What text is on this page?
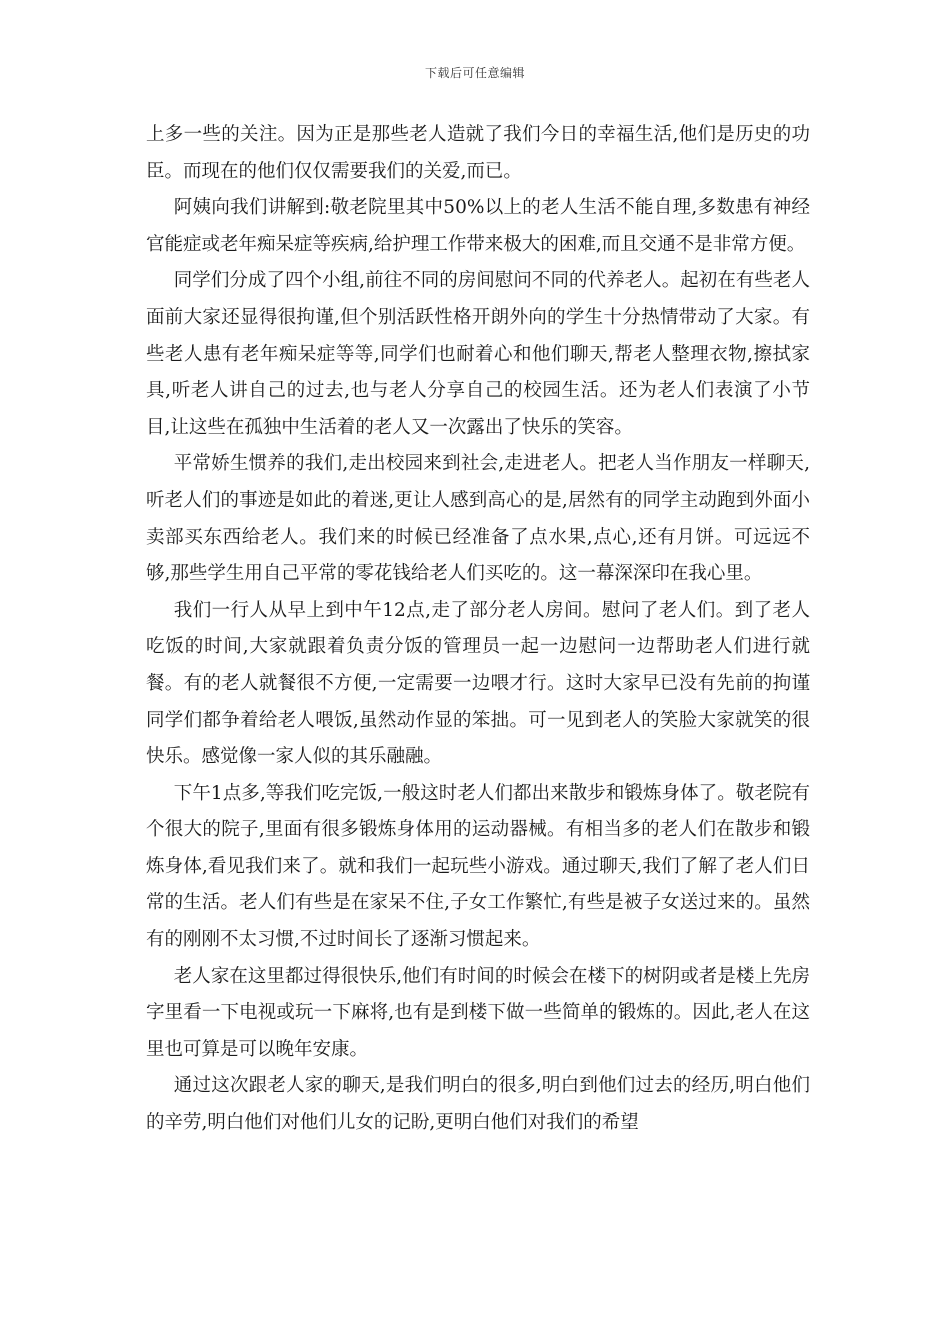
下载后可任意编辑

上多一些的关注。因为正是那些老人造就了我们今日的幸福生活,他们是历史的功臣。而现在的他们仅仅需要我们的关爱,而已。

阿姨向我们讲解到:敬老院里其中50%以上的老人生活不能自理,多数患有神经官能症或老年痴呆症等疾病,给护理工作带来极大的困难,而且交通不是非常方便。

同学们分成了四个小组,前往不同的房间慰问不同的代养老人。起初在有些老人面前大家还显得很拘谨,但个别活跃性格开朗外向的学生十分热情带动了大家。有些老人患有老年痴呆症等等,同学们也耐着心和他们聊天,帮老人整理衣物,擦拭家具,听老人讲自己的过去,也与老人分享自己的校园生活。还为老人们表演了小节目,让这些在孤独中生活着的老人又一次露出了快乐的笑容。

平常娇生惯养的我们,走出校园来到社会,走进老人。把老人当作朋友一样聊天,听老人们的事迹是如此的着迷,更让人感到高心的是,居然有的同学主动跑到外面小卖部买东西给老人。我们来的时候已经准备了点水果,点心,还有月饼。可远远不够,那些学生用自己平常的零花钱给老人们买吃的。这一幕深深印在我心里。

我们一行人从早上到中午12点,走了部分老人房间。慰问了老人们。到了老人吃饭的时间,大家就跟着负责分饭的管理员一起一边慰问一边帮助老人们进行就餐。有的老人就餐很不方便,一定需要一边喂才行。这时大家早已没有先前的拘谨同学们都争着给老人喂饭,虽然动作显的笨拙。可一见到老人的笑脸大家就笑的很快乐。感觉像一家人似的其乐融融。

下午1点多,等我们吃完饭,一般这时老人们都出来散步和锻炼身体了。敬老院有个很大的院子,里面有很多锻炼身体用的运动器械。有相当多的老人们在散步和锻炼身体,看见我们来了。就和我们一起玩些小游戏。通过聊天,我们了解了老人们日常的生活。老人们有些是在家呆不住,子女工作繁忙,有些是被子女送过来的。虽然有的刚刚不太习惯,不过时间长了逐渐习惯起来。

老人家在这里都过得很快乐,他们有时间的时候会在楼下的树阴或者是楼上先房字里看一下电视或玩一下麻将,也有是到楼下做一些简单的锻炼的。因此,老人在这里也可算是可以晚年安康。

通过这次跟老人家的聊天,是我们明白的很多,明白到他们过去的经历,明白他们的辛劳,明白他们对他们儿女的记盼,更明白他们对我们的希望
